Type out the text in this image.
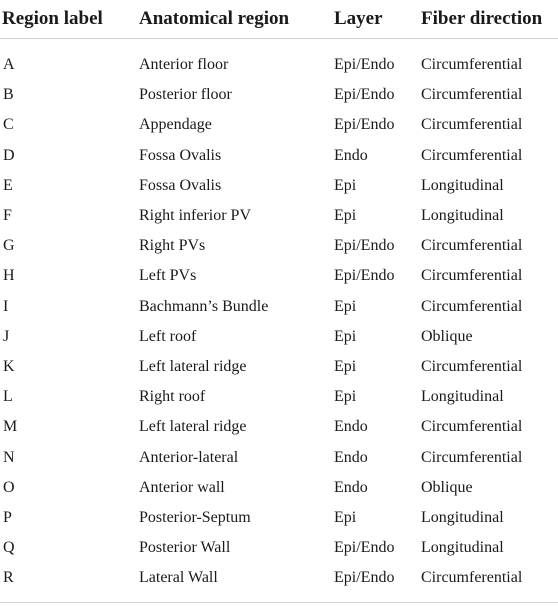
Region label	Anatomical region	Layer	Fiber direction

A	Anterior floor	Epi/Endo	Circumferential
B	Posterior floor	Epi/Endo	Circumferential
C	Appendage	Epi/Endo	Circumferential
D	Fossa Ovalis	Endo	Circumferential
E	Fossa Ovalis	Epi	Longitudinal
F	Right inferior PV	Epi	Longitudinal
G	Right PVs	Epi/Endo	Circumferential
H	Left PVs	Epi/Endo	Circumferential
I	Bachmann’s Bundle	Epi	Circumferential
J	Left roof	Epi	Oblique
K	Left lateral ridge	Epi	Circumferential
L	Right roof	Epi	Longitudinal
M	Left lateral ridge	Endo	Circumferential
N	Anterior-lateral	Endo	Circumferential
O	Anterior wall	Endo	Oblique
P	Posterior-Septum	Epi	Longitudinal
Q	Posterior Wall	Epi/Endo	Longitudinal
R	Lateral Wall	Epi/Endo	Circumferential
